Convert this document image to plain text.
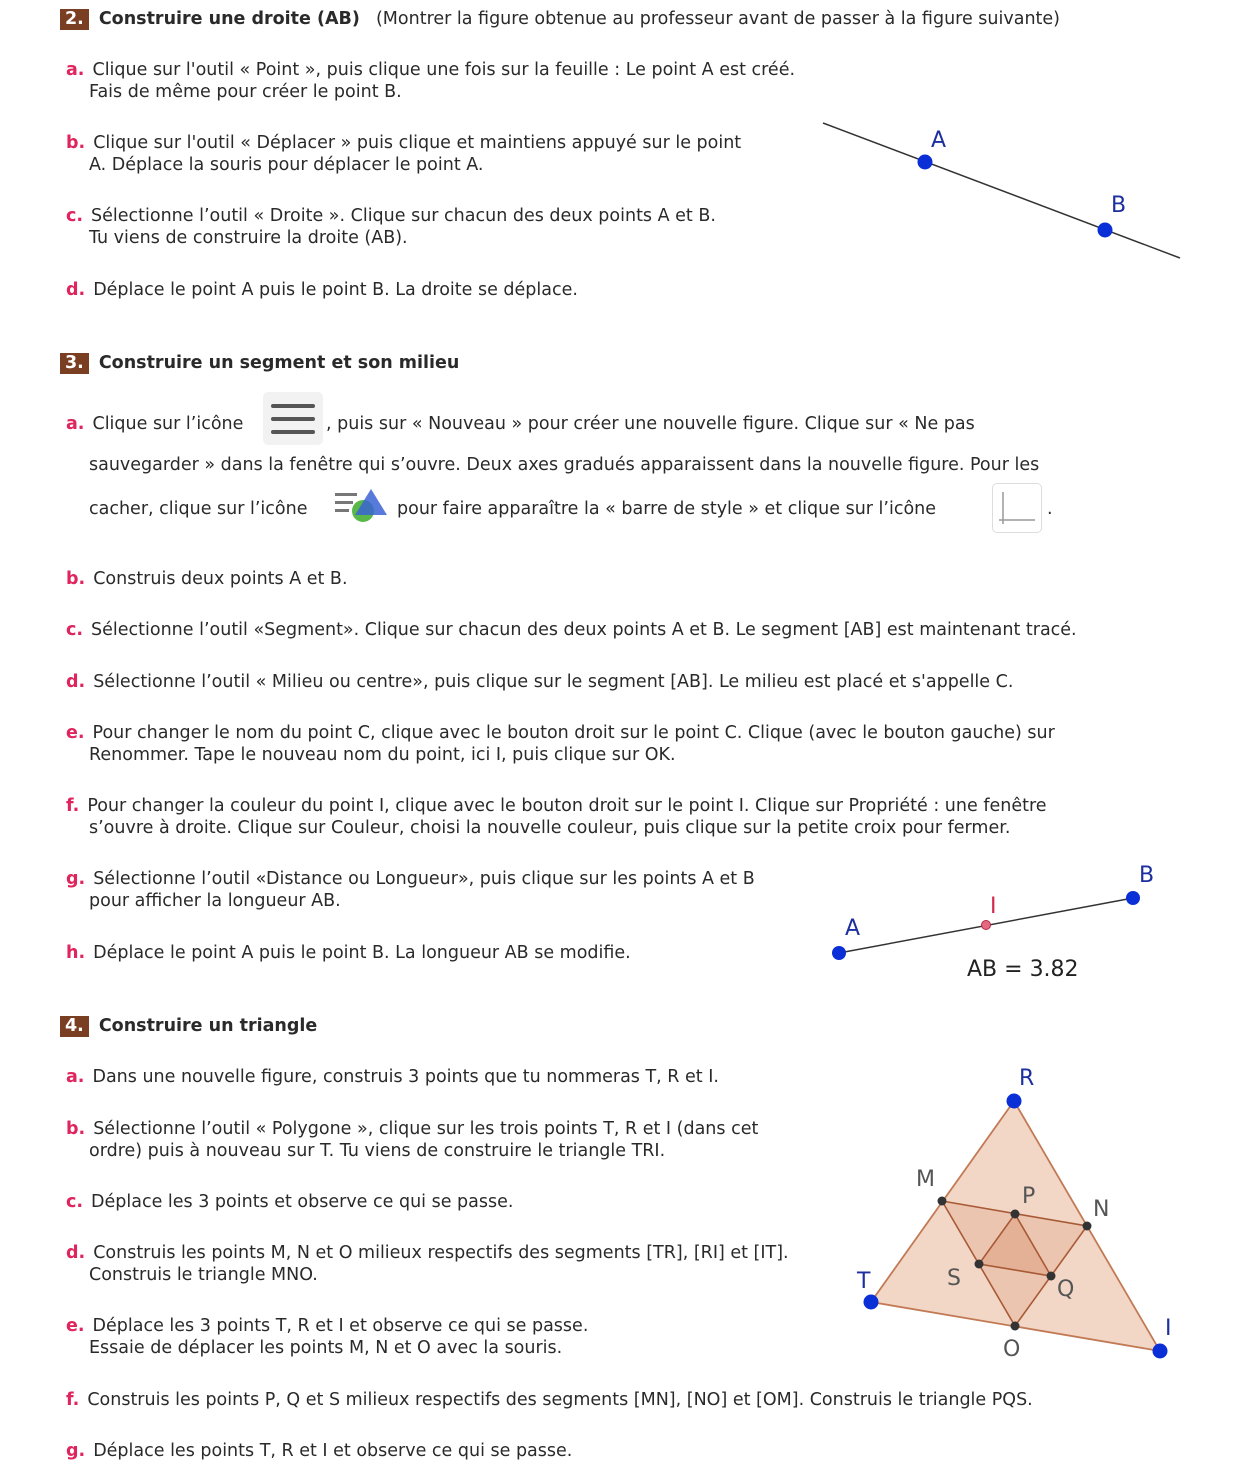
2. Construire une droite (AB) (Montrer la figure obtenue au professeur avant de passer à la figure suivante)
a. Clique sur l'outil « Point », puis clique une fois sur la feuille : Le point A est créé.
Fais de même pour créer le point B.
b. Clique sur l'outil « Déplacer » puis clique et maintiens appuyé sur le point
A. Déplace la souris pour déplacer le point A.
c. Sélectionne l’outil « Droite ». Clique sur chacun des deux points A et B.
Tu viens de construire la droite (AB).
d. Déplace le point A puis le point B. La droite se déplace.
A
B
3. Construire un segment et son milieu
a. Clique sur l’icône	, puis sur « Nouveau » pour créer une nouvelle figure. Clique sur « Ne pas
sauvegarder » dans la fenêtre qui s’ouvre. Deux axes gradués apparaissent dans la nouvelle figure. Pour les
cacher, clique sur l’icône	pour faire apparaître la « barre de style » et clique sur l’icône	.
b. Construis deux points A et B.
c. Sélectionne l’outil «Segment». Clique sur chacun des deux points A et B. Le segment [AB] est maintenant tracé.
d. Sélectionne l’outil « Milieu ou centre», puis clique sur le segment [AB]. Le milieu est placé et s'appelle C.
e. Pour changer le nom du point C, clique avec le bouton droit sur le point C. Clique (avec le bouton gauche) sur
Renommer. Tape le nouveau nom du point, ici I, puis clique sur OK.
f. Pour changer la couleur du point I, clique avec le bouton droit sur le point I. Clique sur Propriété : une fenêtre
s’ouvre à droite. Clique sur Couleur, choisi la nouvelle couleur, puis clique sur la petite croix pour fermer.
g. Sélectionne l’outil «Distance ou Longueur», puis clique sur les points A et B
pour afficher la longueur AB.
h. Déplace le point A puis le point B. La longueur AB se modifie.
A
B
I
AB = 3.82
4. Construire un triangle
a. Dans une nouvelle figure, construis 3 points que tu nommeras T, R et I.
b. Sélectionne l’outil « Polygone », clique sur les trois points T, R et I (dans cet
ordre) puis à nouveau sur T. Tu viens de construire le triangle TRI.
c. Déplace les 3 points et observe ce qui se passe.
d. Construis les points M, N et O milieux respectifs des segments [TR], [RI] et [IT].
Construis le triangle MNO.
e. Déplace les 3 points T, R et I et observe ce qui se passe.
Essaie de déplacer les points M, N et O avec la souris.
f. Construis les points P, Q et S milieux respectifs des segments [MN], [NO] et [OM]. Construis le triangle PQS.
g. Déplace les points T, R et I et observe ce qui se passe.
R
M
P
N
T	S	Q
I
O
